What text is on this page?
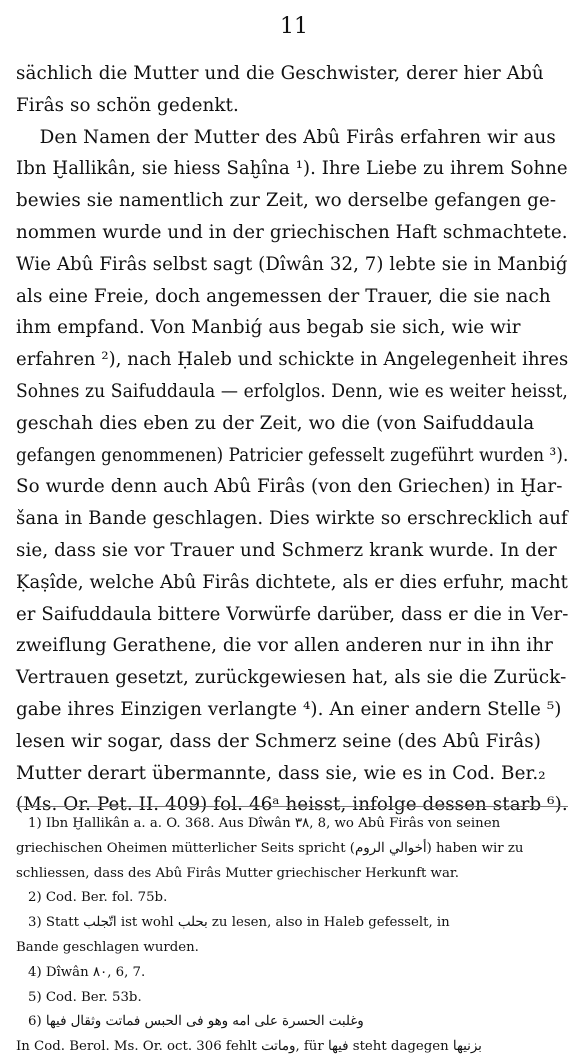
11
sächlich die Mutter und die Geschwister, derer hier Abû
Firâs so schön gedenkt.
Den Namen der Mutter des Abû Firâs erfahren wir aus
Ibn Ḫallikân, sie hiess Saḫîna ¹). Ihre Liebe zu ihrem Sohne
bewies sie namentlich zur Zeit, wo derselbe gefangen ge-
nommen wurde und in der griechischen Haft schmachtete.
Wie Abû Firâs selbst sagt (Dîwân 32, 7) lebte sie in Manbiǵ
als eine Freie, doch angemessen der Trauer, die sie nach
ihm empfand. Von Manbiǵ aus begab sie sich, wie wir
erfahren ²), nach Ḥaleb und schickte in Angelegenheit ihres
Sohnes zu Saifuddaula — erfolglos. Denn, wie es weiter heisst,
geschah dies eben zu der Zeit, wo die (von Saifuddaula
gefangen genommenen) Patricier gefesselt zugeführt wurden ³).
So wurde denn auch Abû Firâs (von den Griechen) in Ḫar-
šana in Bande geschlagen. Dies wirkte so erschrecklich auf
sie, dass sie vor Trauer und Schmerz krank wurde. In der
Ḳaṣîde, welche Abû Firâs dichtete, als er dies erfuhr, macht
er Saifuddaula bittere Vorwürfe darüber, dass er die in Ver-
zweiflung Gerathene, die vor allen anderen nur in ihn ihr
Vertrauen gesetzt, zurückgewiesen hat, als sie die Zurück-
gabe ihres Einzigen verlangte ⁴). An einer andern Stelle ⁵)
lesen wir sogar, dass der Schmerz seine (des Abû Firâs)
Mutter derart übermannte, dass sie, wie es in Cod. Ber.₂
(Ms. Or. Pet. II. 409) fol. 46ᵃ heisst, infolge dessen starb ⁶).
1) Ibn Ḫallikân a. a. O. 368. Aus Dîwân ٣٨, 8, wo Abû Firâs von seinen
griechischen Oheimen mütterlicher Seits spricht (أخوالي الروم) haben wir zu
schliessen, dass des Abû Firâs Mutter griechischer Herkunft war.
2) Cod. Ber. fol. 75b.
3) Statt اتّجلب ist wohl بحلب zu lesen, also in Haleb gefesselt, in
Bande geschlagen wurden.
4) Dîwân ٨٠, 6, 7.
5) Cod. Ber. 53b.
6) وغلبت الحسرة على امه وهو فى الحبس فماتت وثقال فيها
In Cod. Berol. Ms. Or. oct. 306 fehlt وماتت, für فيها steht dagegen بزنيها
